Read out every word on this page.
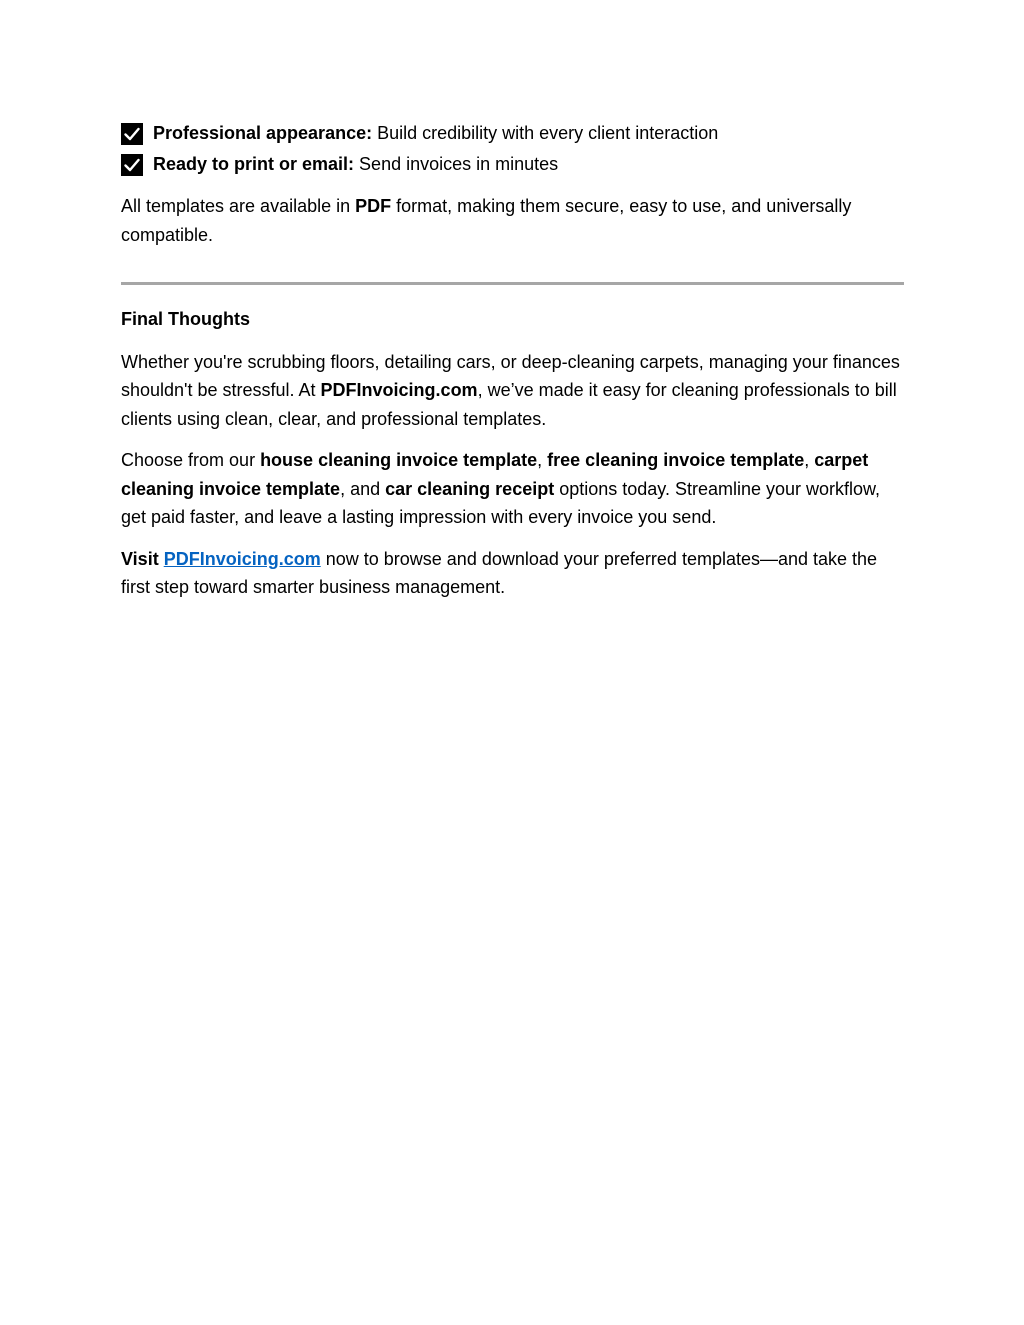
Professional appearance: Build credibility with every client interaction
Ready to print or email: Send invoices in minutes

All templates are available in PDF format, making them secure, easy to use, and universally compatible.

Final Thoughts

Whether you're scrubbing floors, detailing cars, or deep-cleaning carpets, managing your finances shouldn't be stressful. At PDFInvoicing.com, we’ve made it easy for cleaning professionals to bill clients using clean, clear, and professional templates.

Choose from our house cleaning invoice template, free cleaning invoice template, carpet cleaning invoice template, and car cleaning receipt options today. Streamline your workflow, get paid faster, and leave a lasting impression with every invoice you send.

Visit PDFInvoicing.com now to browse and download your preferred templates—and take the first step toward smarter business management.
